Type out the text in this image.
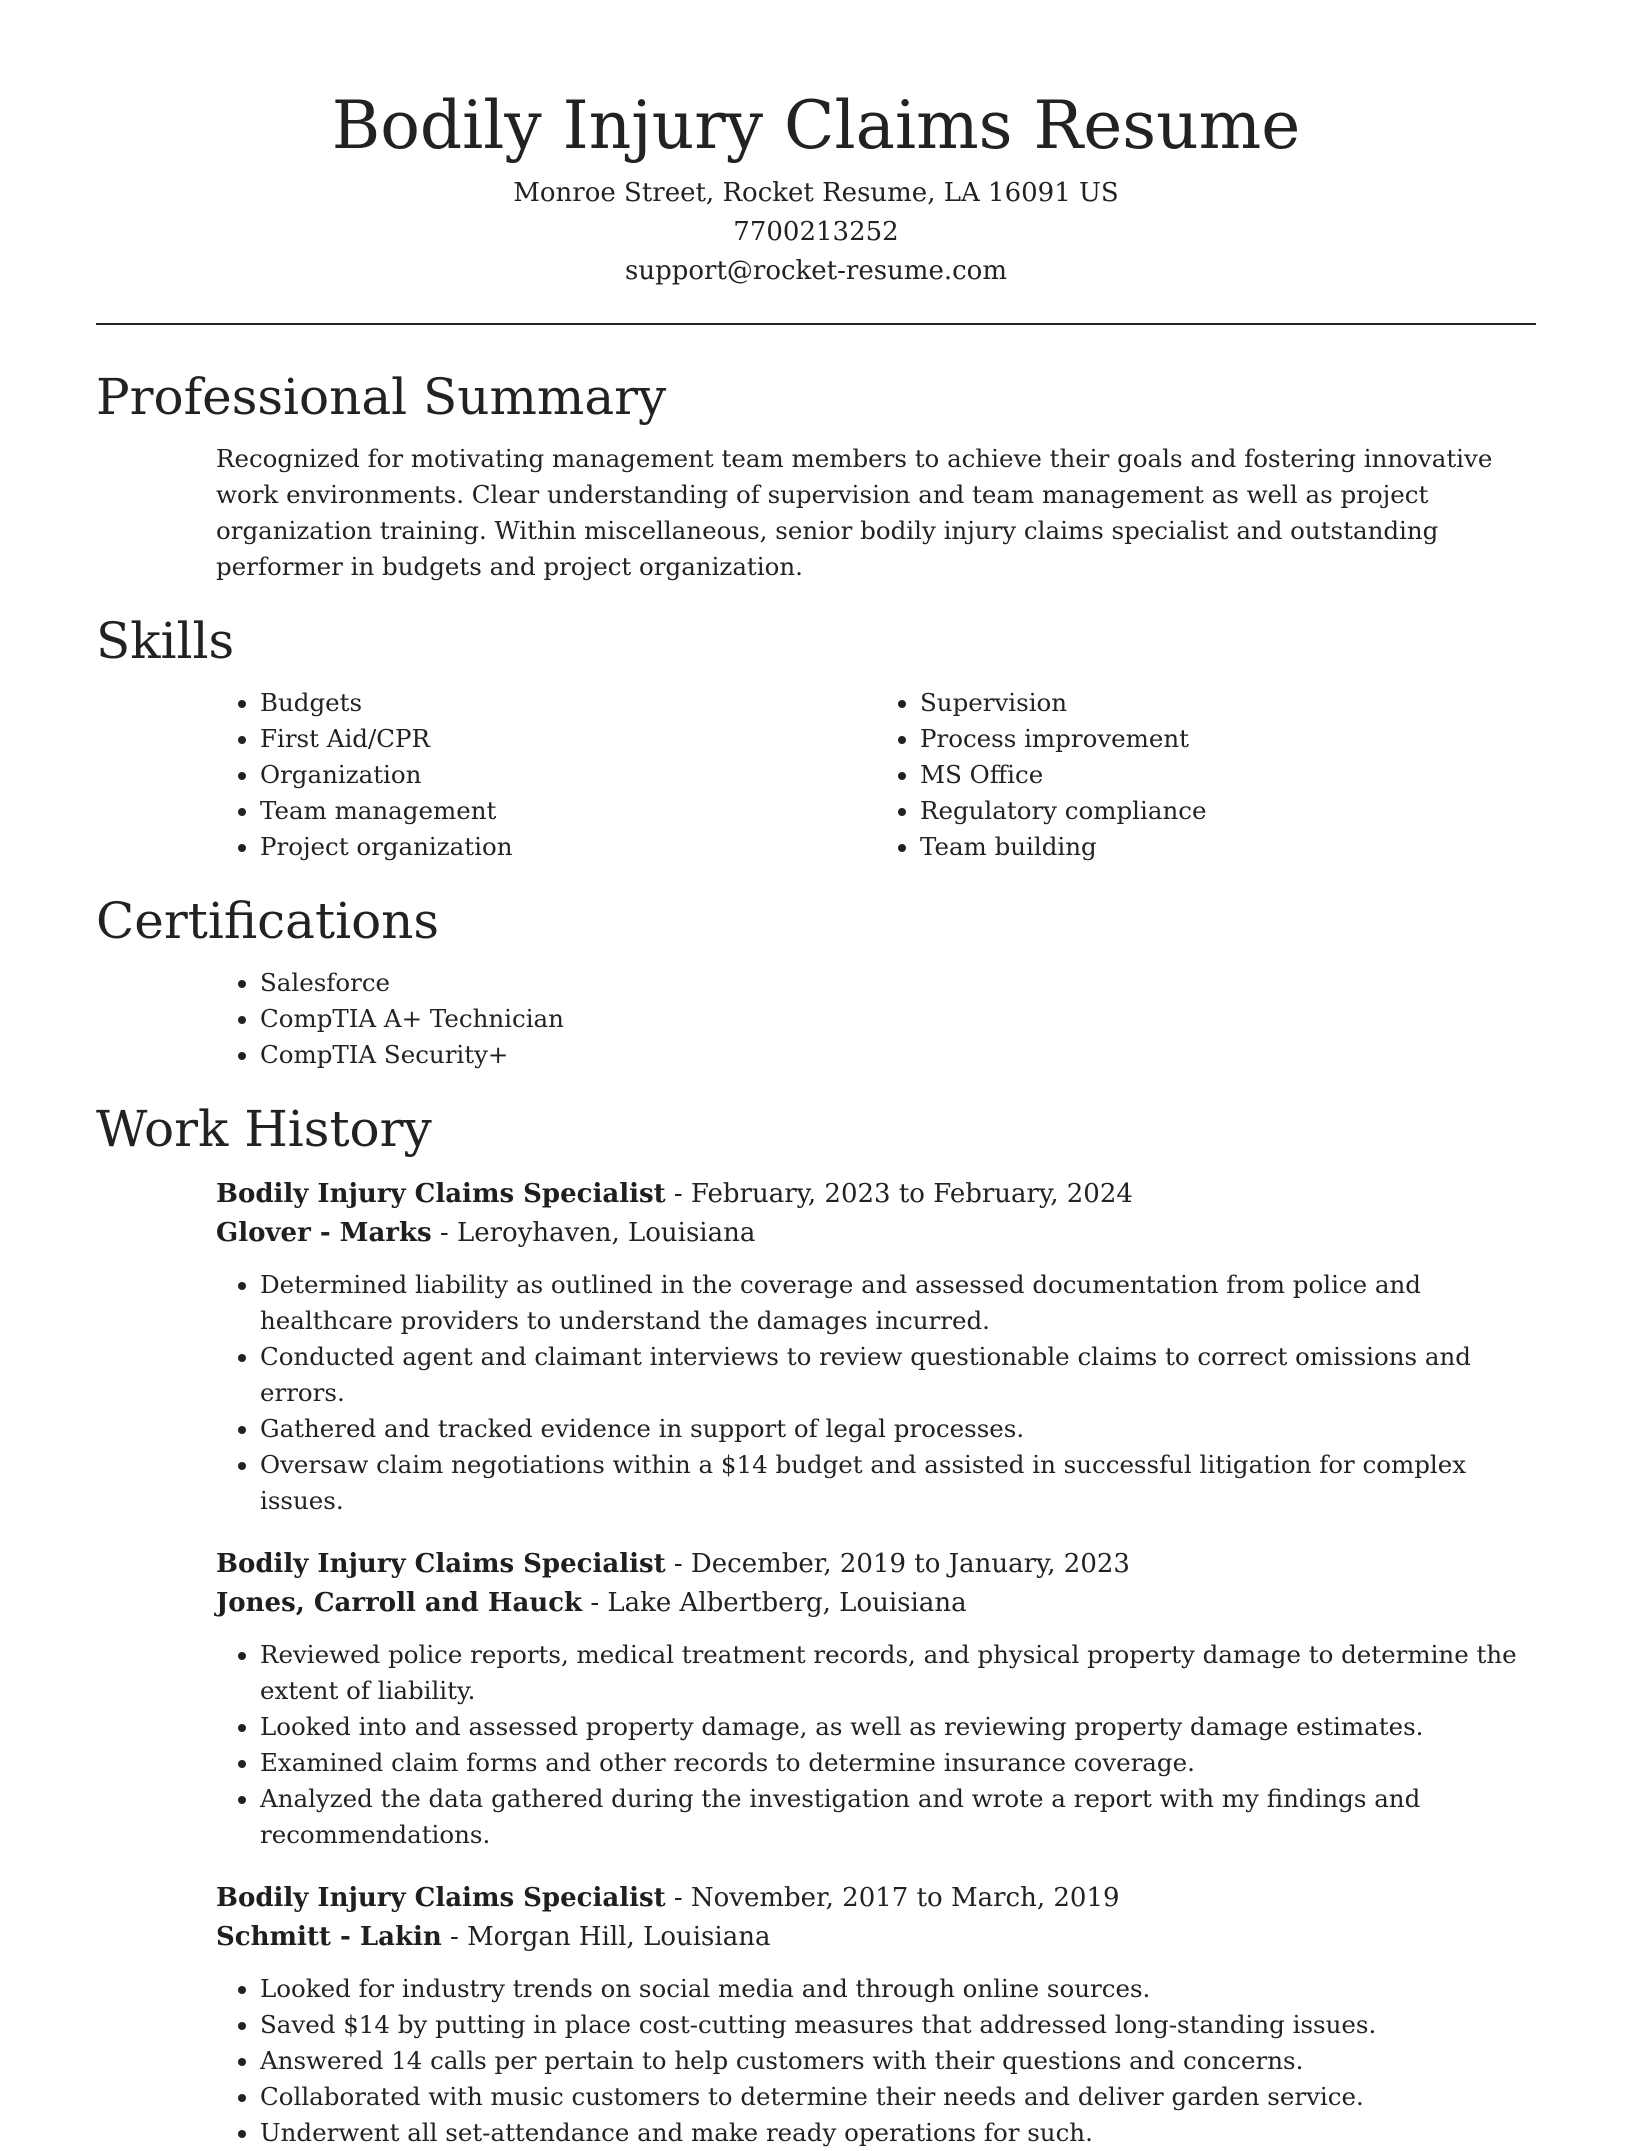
Bodily Injury Claims Resume

Monroe Street, Rocket Resume, LA 16091 US

7700213252

support@rocket-resume.com

Professional Summary

Recognized for motivating management team members to achieve their goals and fostering innovative work environments. Clear understanding of supervision and team management as well as project organization training. Within miscellaneous, senior bodily injury claims specialist and outstanding performer in budgets and project organization.

Skills
• Budgets
• First Aid/CPR
• Organization
• Team management
• Project organization
• Supervision
• Process improvement
• MS Office
• Regulatory compliance
• Team building
Certifications
• Salesforce
• CompTIA A+ Technician
• CompTIA Security+
Work History

Bodily Injury Claims Specialist - February, 2023 to February, 2024

Glover - Marks - Leroyhaven, Louisiana

• Determined liability as outlined in the coverage and assessed documentation from police and healthcare providers to understand the damages incurred.
• Conducted agent and claimant interviews to review questionable claims to correct omissions and errors.
• Gathered and tracked evidence in support of legal processes.
• Oversaw claim negotiations within a $14 budget and assisted in successful litigation for complex issues.

Bodily Injury Claims Specialist - December, 2019 to January, 2023

Jones, Carroll and Hauck - Lake Albertberg, Louisiana

• Reviewed police reports, medical treatment records, and physical property damage to determine the extent of liability.
• Looked into and assessed property damage, as well as reviewing property damage estimates.
• Examined claim forms and other records to determine insurance coverage.
• Analyzed the data gathered during the investigation and wrote a report with my findings and recommendations.

Bodily Injury Claims Specialist - November, 2017 to March, 2019

Schmitt - Lakin - Morgan Hill, Louisiana

• Looked for industry trends on social media and through online sources.
• Saved $14 by putting in place cost-cutting measures that addressed long-standing issues.
• Answered 14 calls per pertain to help customers with their questions and concerns.
• Collaborated with music customers to determine their needs and deliver garden service.
• Underwent all set-attendance and make ready operations for such.
